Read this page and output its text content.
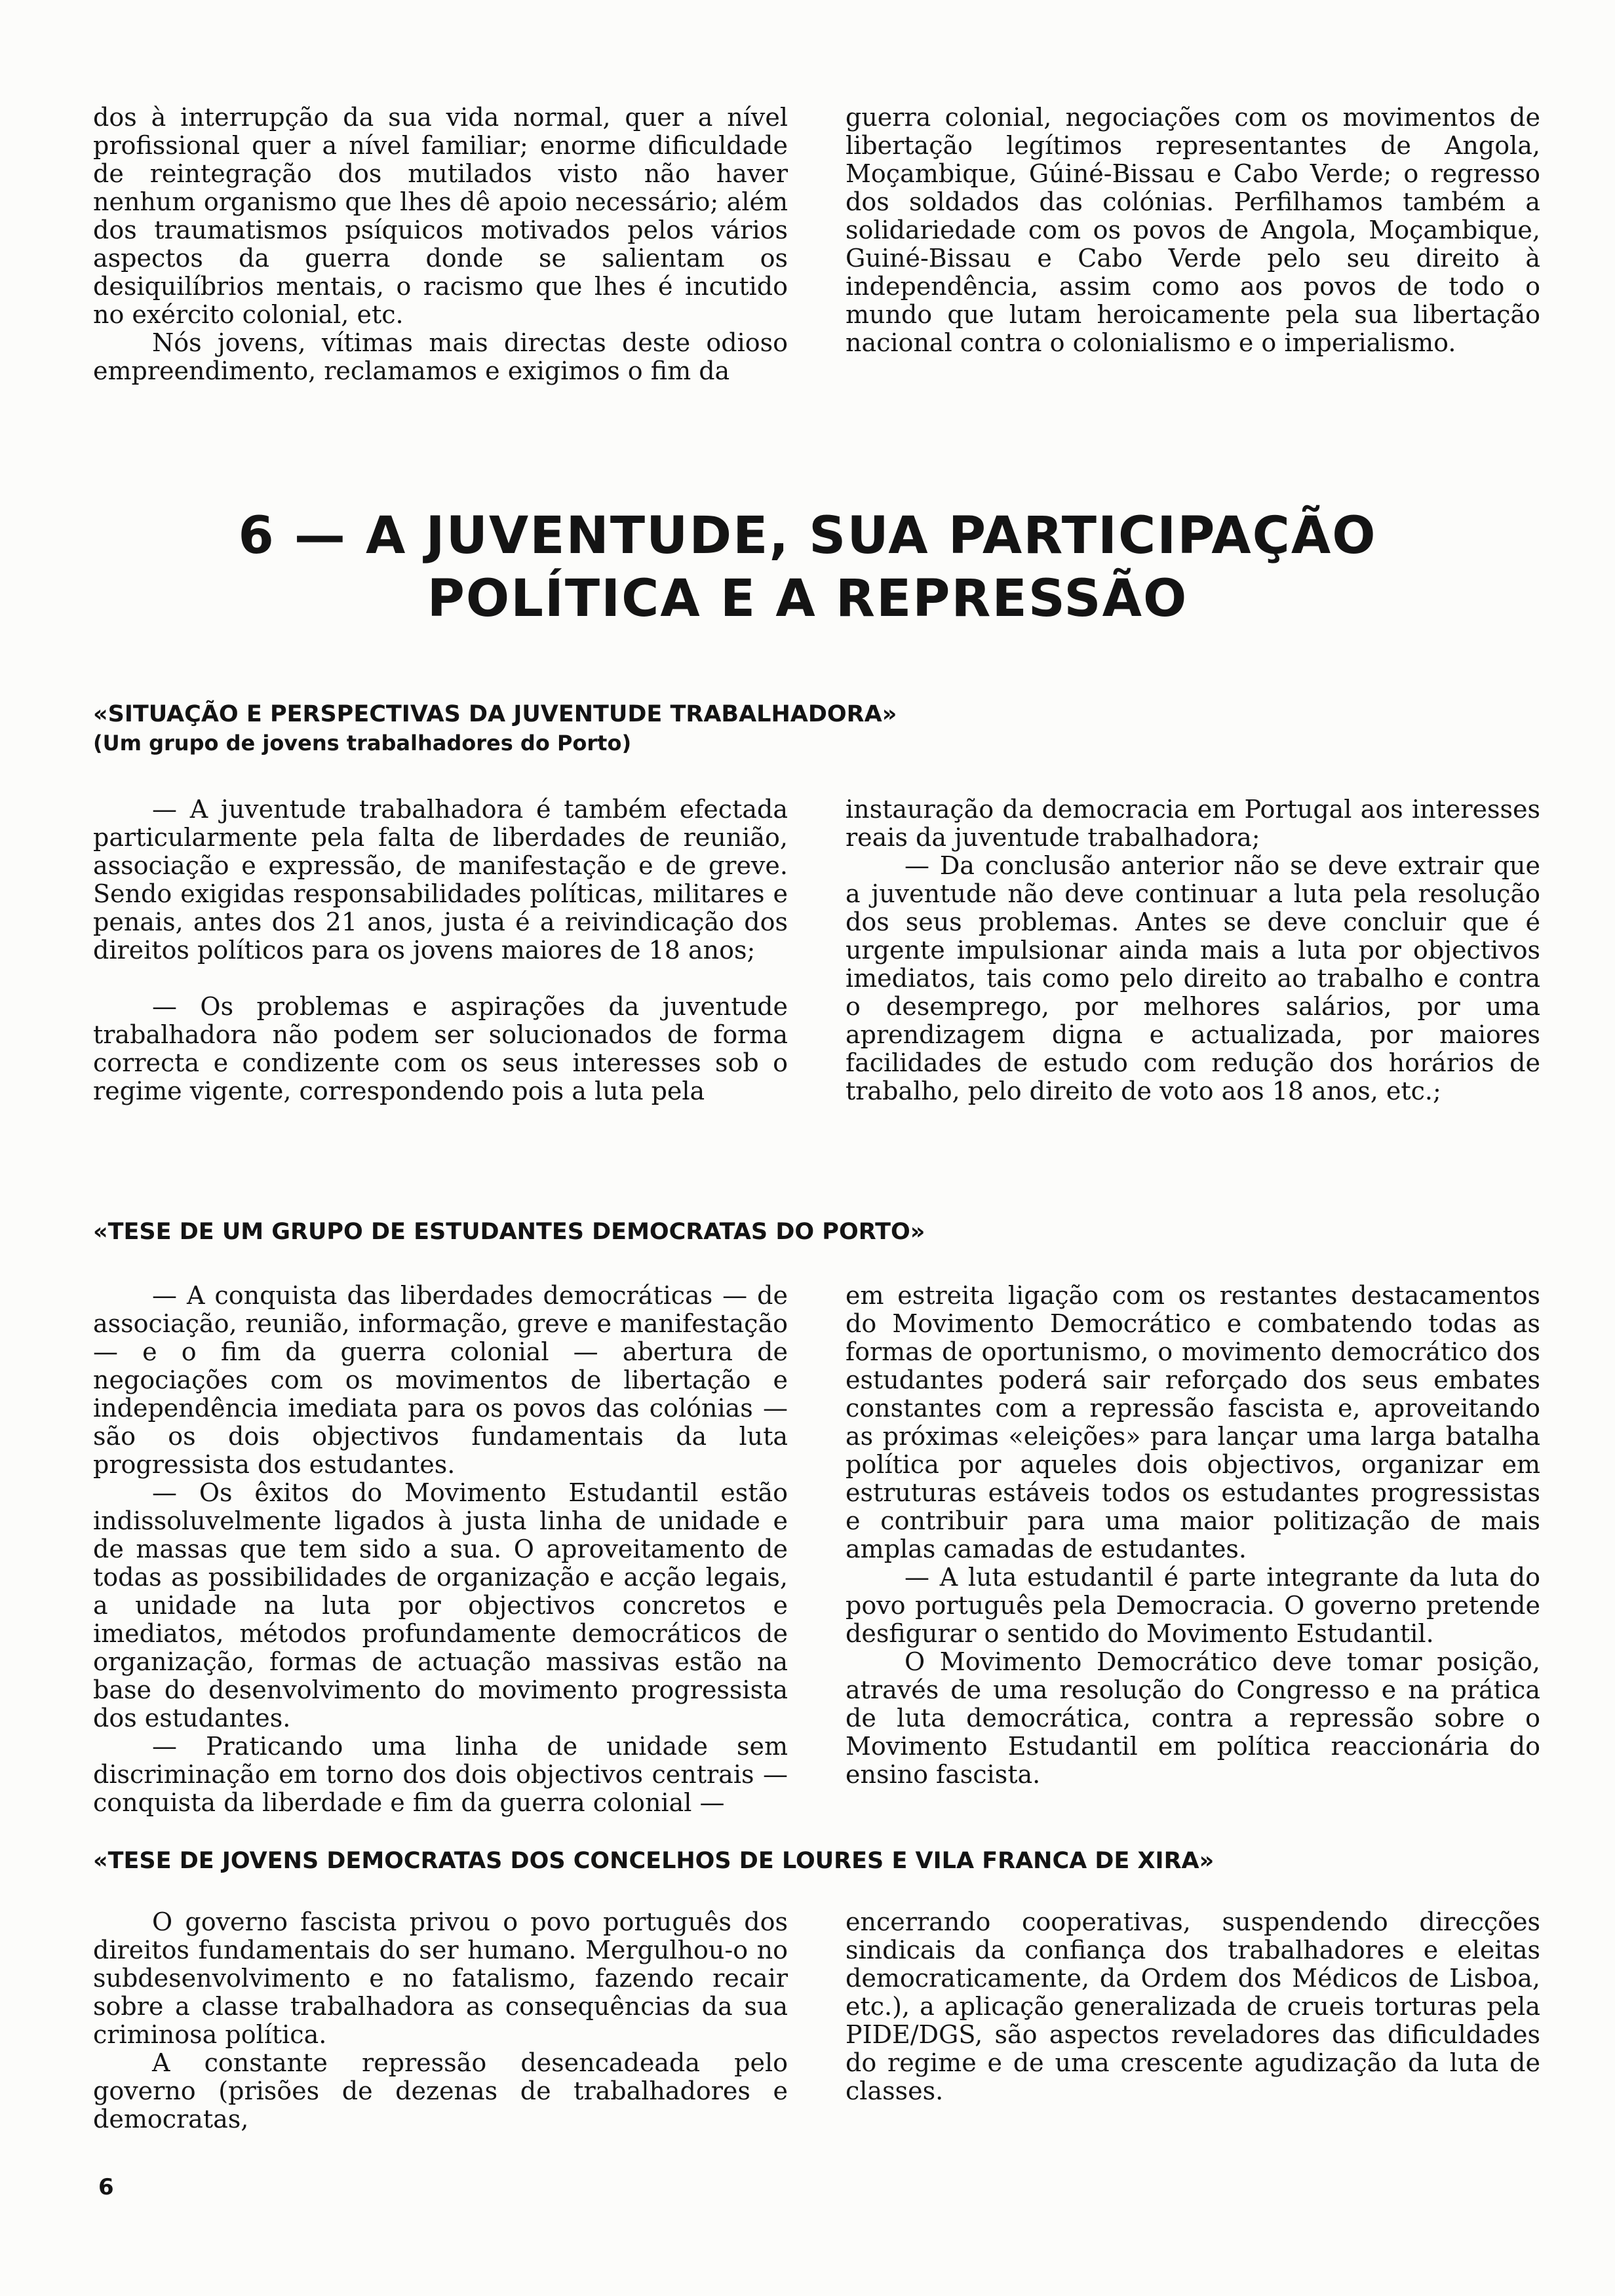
dos à interrupção da sua vida normal, quer a nível profissional quer a nível familiar; enorme dificuldade de reintegração dos mutilados visto não haver nenhum organismo que lhes dê apoio necessário; além dos traumatismos psíquicos motivados pelos vários aspectos da guerra donde se salientam os desiquilíbrios mentais, o racismo que lhes é incutido no exército colonial, etc.

Nós jovens, vítimas mais directas deste odioso empreendimento, reclamamos e exigimos o fim da

guerra colonial, negociações com os movimentos de libertação legítimos representantes de Angola, Moçambique, Gúiné-Bissau e Cabo Verde; o regresso dos soldados das colónias. Perfilhamos também a solidariedade com os povos de Angola, Moçambique, Guiné-Bissau e Cabo Verde pelo seu direito à independência, assim como aos povos de todo o mundo que lutam heroicamente pela sua libertação nacional contra o colonialismo e o imperialismo.

6 — A JUVENTUDE, SUA PARTICIPAÇÃO
POLÍTICA E A REPRESSÃO
«SITUAÇÃO E PERSPECTIVAS DA JUVENTUDE TRABALHADORA»
(Um grupo de jovens trabalhadores do Porto)

— A juventude trabalhadora é também efectada particularmente pela falta de liberdades de reunião, associação e expressão, de manifestação e de greve. Sendo exigidas responsabilidades políticas, militares e penais, antes dos 21 anos, justa é a reivindicação dos direitos políticos para os jovens maiores de 18 anos;

— Os problemas e aspirações da juventude trabalhadora não podem ser solucionados de forma correcta e condizente com os seus interesses sob o regime vigente, correspondendo pois a luta pela

instauração da democracia em Portugal aos interesses reais da juventude trabalhadora;

— Da conclusão anterior não se deve extrair que a juventude não deve continuar a luta pela resolução dos seus problemas. Antes se deve concluir que é urgente impulsionar ainda mais a luta por objectivos imediatos, tais como pelo direito ao trabalho e contra o desemprego, por melhores salários, por uma aprendizagem digna e actualizada, por maiores facilidades de estudo com redução dos horários de trabalho, pelo direito de voto aos 18 anos, etc.;

«TESE DE UM GRUPO DE ESTUDANTES DEMOCRATAS DO PORTO»

— A conquista das liberdades democráticas — de associação, reunião, informação, greve e manifestação — e o fim da guerra colonial — abertura de negociações com os movimentos de libertação e independência imediata para os povos das colónias — são os dois objectivos fundamentais da luta progressista dos estudantes.

— Os êxitos do Movimento Estudantil estão indissoluvelmente ligados à justa linha de unidade e de massas que tem sido a sua. O aproveitamento de todas as possibilidades de organização e acção legais, a unidade na luta por objectivos concretos e imediatos, métodos profundamente democráticos de organização, formas de actuação massivas estão na base do desenvolvimento do movimento progressista dos estudantes.

— Praticando uma linha de unidade sem discriminação em torno dos dois objectivos centrais — conquista da liberdade e fim da guerra colonial —

em estreita ligação com os restantes destacamentos do Movimento Democrático e combatendo todas as formas de oportunismo, o movimento democrático dos estudantes poderá sair reforçado dos seus embates constantes com a repressão fascista e, aproveitando as próximas «eleições» para lançar uma larga batalha política por aqueles dois objectivos, organizar em estruturas estáveis todos os estudantes progressistas e contribuir para uma maior politização de mais amplas camadas de estudantes.

— A luta estudantil é parte integrante da luta do povo português pela Democracia. O governo pretende desfigurar o sentido do Movimento Estudantil.

O Movimento Democrático deve tomar posição, através de uma resolução do Congresso e na prática de luta democrática, contra a repressão sobre o Movimento Estudantil em política reaccionária do ensino fascista.

«TESE DE JOVENS DEMOCRATAS DOS CONCELHOS DE LOURES E VILA FRANCA DE XIRA»

O governo fascista privou o povo português dos direitos fundamentais do ser humano. Mergulhou-o no subdesenvolvimento e no fatalismo, fazendo recair sobre a classe trabalhadora as consequências da sua criminosa política.

A constante repressão desencadeada pelo governo (prisões de dezenas de trabalhadores e democratas,

encerrando cooperativas, suspendendo direcções sindicais da confiança dos trabalhadores e eleitas democraticamente, da Ordem dos Médicos de Lisboa, etc.), a aplicação generalizada de crueis torturas pela PIDE/DGS, são aspectos reveladores das dificuldades do regime e de uma crescente agudização da luta de classes.

6
